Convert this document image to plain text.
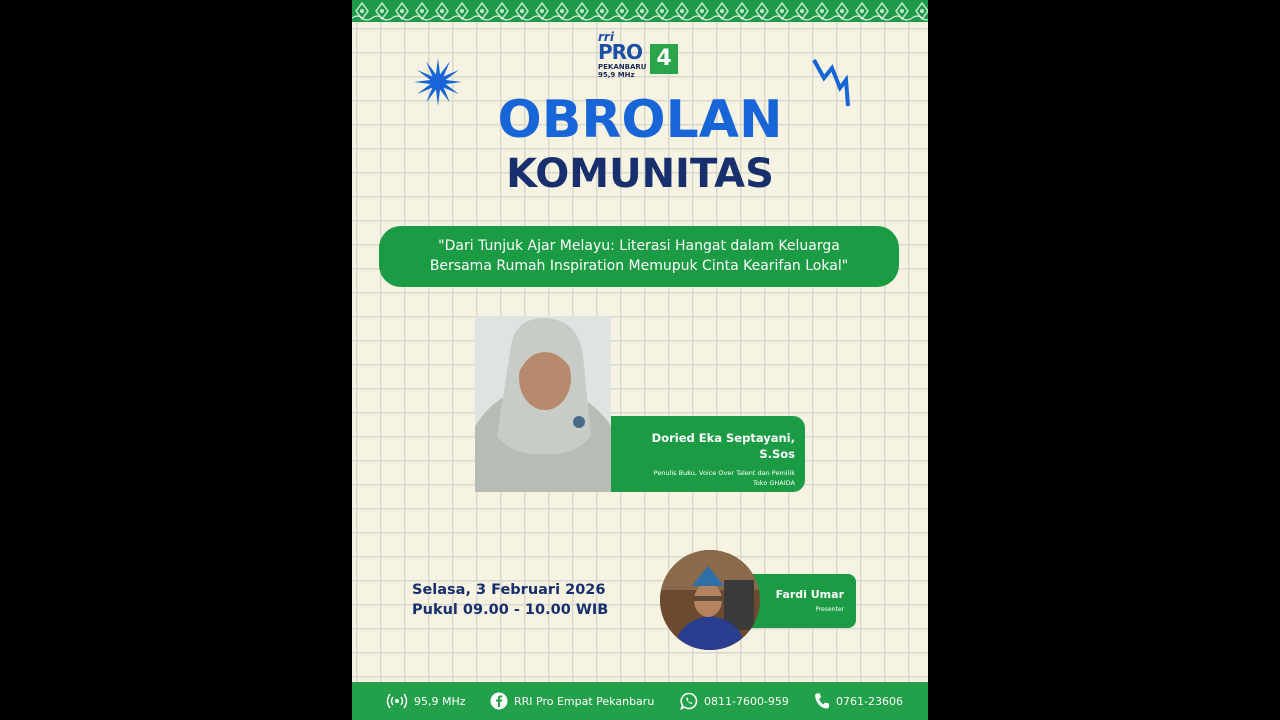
rri
PRO 4
PEKANBARU
95,9 MHz
OBROLAN
KOMUNITAS
"Dari Tunjuk Ajar Melayu: Literasi Hangat dalam Keluarga
Bersama Rumah Inspiration Memupuk Cinta Kearifan Lokal"
Doried Eka Septayani, S.Sos
Penulis Buku, Voice Over Talent dan Pemilik Toko GHAIDA
Selasa, 3 Februari 2026
Pukul 09.00 - 10.00 WIB
Fardi Umar
Presenter
95,9 MHz	RRI Pro Empat Pekanbaru	0811-7600-959	0761-23606
